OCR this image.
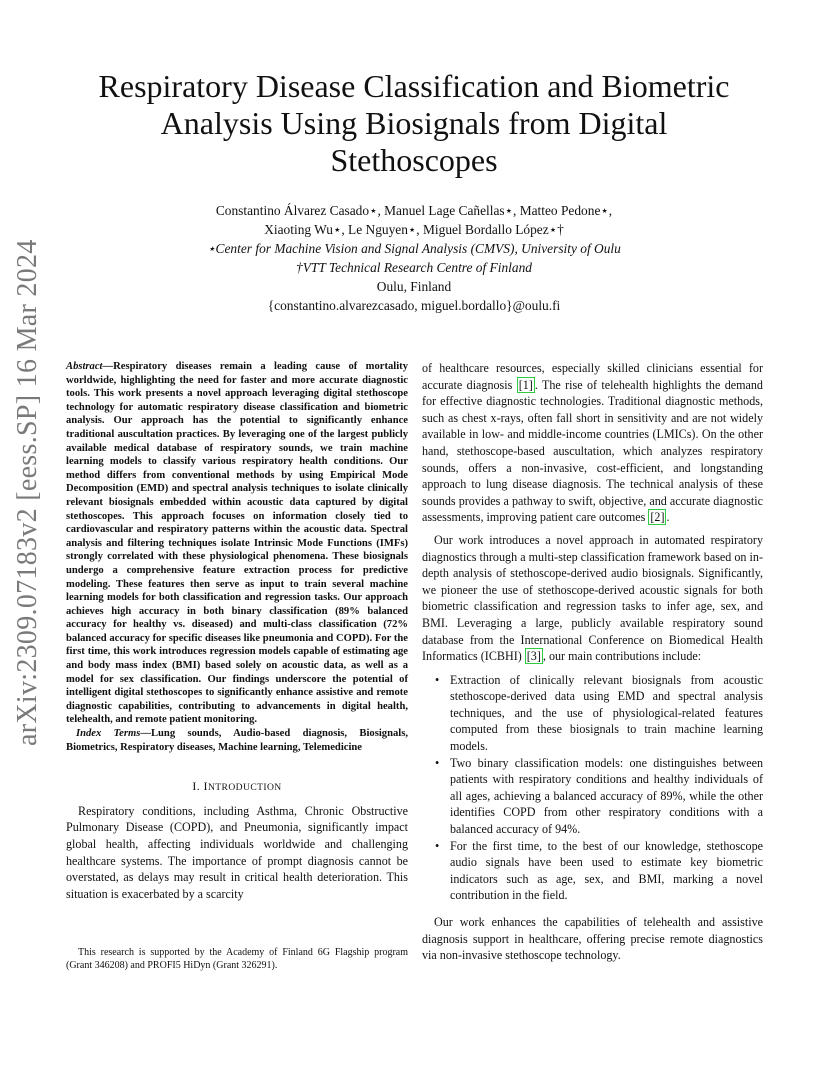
arXiv:2309.07183v2 [eess.SP] 16 Mar 2024
Respiratory Disease Classification and Biometric
Analysis Using Biosignals from Digital
Stethoscopes
Constantino Álvarez Casado⋆, Manuel Lage Cañellas⋆, Matteo Pedone⋆,
Xiaoting Wu⋆, Le Nguyen⋆, Miguel Bordallo López⋆†
⋆Center for Machine Vision and Signal Analysis (CMVS), University of Oulu
†VTT Technical Research Centre of Finland
Oulu, Finland
{constantino.alvarezcasado, miguel.bordallo}@oulu.fi

Abstract—Respiratory diseases remain a leading cause of mortality worldwide, highlighting the need for faster and more accurate diagnostic tools. This work presents a novel approach leveraging digital stethoscope technology for automatic respiratory disease classification and biometric analysis. Our approach has the potential to significantly enhance traditional auscultation practices. By leveraging one of the largest publicly available medical database of respiratory sounds, we train machine learning models to classify various respiratory health conditions. Our method differs from conventional methods by using Empirical Mode Decomposition (EMD) and spectral analysis techniques to isolate clinically relevant biosignals embedded within acoustic data captured by digital stethoscopes. This approach focuses on information closely tied to cardiovascular and respiratory patterns within the acoustic data. Spectral analysis and filtering techniques isolate Intrinsic Mode Functions (IMFs) strongly correlated with these physiological phenomena. These biosignals undergo a comprehensive feature extraction process for predictive modeling. These features then serve as input to train several machine learning models for both classification and regression tasks. Our approach achieves high accuracy in both binary classification (89% balanced accuracy for healthy vs. diseased) and multi-class classification (72% balanced accuracy for specific diseases like pneumonia and COPD). For the first time, this work introduces regression models capable of estimating age and body mass index (BMI) based solely on acoustic data, as well as a model for sex classification. Our findings underscore the potential of intelligent digital stethoscopes to significantly enhance assistive and remote diagnostic capabilities, contributing to advancements in digital health, telehealth, and remote patient monitoring.

Index Terms—Lung sounds, Audio-based diagnosis, Biosignals, Biometrics, Respiratory diseases, Machine learning, Telemedicine

I. INTRODUCTION

Respiratory conditions, including Asthma, Chronic Obstructive Pulmonary Disease (COPD), and Pneumonia, significantly impact global health, affecting individuals worldwide and challenging healthcare systems. The importance of prompt diagnosis cannot be overstated, as delays may result in critical health deterioration. This situation is exacerbated by a scarcity

This research is supported by the Academy of Finland 6G Flagship program (Grant 346208) and PROFI5 HiDyn (Grant 326291).

of healthcare resources, especially skilled clinicians essential for accurate diagnosis [1] . The rise of telehealth highlights the demand for effective diagnostic technologies. Traditional diagnostic methods, such as chest x-rays, often fall short in sensitivity and are not widely available in low- and middle-income countries (LMICs). On the other hand, stethoscope-based auscultation, which analyzes respiratory sounds, offers a non-invasive, cost-efficient, and longstanding approach to lung disease diagnosis. The technical analysis of these sounds provides a pathway to swift, objective, and accurate diagnostic assessments, improving patient care outcomes [2] .

Our work introduces a novel approach in automated respiratory diagnostics through a multi-step classification framework based on in-depth analysis of stethoscope-derived audio biosignals. Significantly, we pioneer the use of stethoscope-derived acoustic signals for both biometric classification and regression tasks to infer age, sex, and BMI. Leveraging a large, publicly available respiratory sound database from the International Conference on Biomedical Health Informatics (ICBHI) [3] , our main contributions include:

• Extraction of clinically relevant biosignals from acoustic stethoscope-derived data using EMD and spectral analysis techniques, and the use of physiological-related features computed from these biosignals to train machine learning models.
• Two binary classification models: one distinguishes between patients with respiratory conditions and healthy individuals of all ages, achieving a balanced accuracy of 89%, while the other identifies COPD from other respiratory conditions with a balanced accuracy of 94%.
• For the first time, to the best of our knowledge, stethoscope audio signals have been used to estimate key biometric indicators such as age, sex, and BMI, marking a novel contribution in the field.

Our work enhances the capabilities of telehealth and assistive diagnosis support in healthcare, offering precise remote diagnostics via non-invasive stethoscope technology.
